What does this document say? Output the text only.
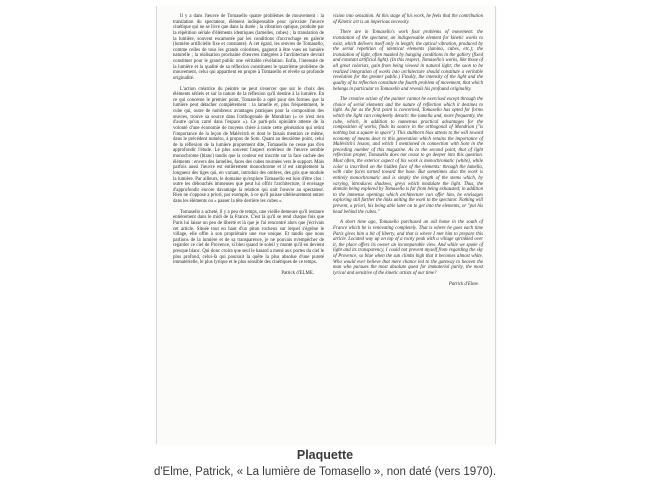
Il y a dans l'œuvre de Tomasello quatre problèmes de mouvement : la translation du spectateur, élément indispensable pour qu'existe l'œuvre cinétique qui ne se livre que dans la durée ; la vibration optique, produite par la répétition sériale d'éléments identiques (lamelles, cubes) ; la translation de la lumière, souvent escamotée par les conditions d'accrochage en galerie (lumière artificielle fixe et constante). A cet égard, les œuvres de Tomasello, comme celles de tous les grands coloristes, gagnent à être vues en lumière naturelle ; la réalisation prochaine d'œuvres intégrées à l'architecture devrait constituer pour le grand public une véritable révélation. Enfin, l'intensité de la lumière et la qualité de sa réflexion constituent le quatrième problème de mouvement, celui qui appartient en propre à Tomasello et révèle sa profonde originalité.

L'action créatrice du peintre ne peut s'exercer que sur le choix des éléments sériels et sur la nature de la réflexion qu'il destine à la lumière. En ce qui concerne le premier point, Tomasello a opté pour des formes que la lumière peut détacher complètement : la lamelle et, plus fréquemment, le cube qui, outre de nombreux avantages pratiques pour la composition des œuvres, trouve sa source dans l'orthogonale de Mondrian (« ce n'est rien d'autre qu'un carré dans l'espace »). Ce parti-pris opiniâtre atteste de la volonté d'une économie de moyens chère à toute cette génération qui retint l'importance de la leçon de Malévitch et dont le faisais mention ce même, dans le précédent numéro, à propos de Soto. Quant au deuxième point, celui de la réflexion de la lumière proprement dite, Tomasello ne cesse pas d'en approfondir l'étude. Le plus souvent l'aspect extérieur de l'œuvre semble monochrome (blanc) tandis que la couleur est inscrite sur la face cachée des éléments : envers des lamelles, faces des cubes tournées vers le support. Mais parfois aussi l'œuvre est entièrement monochrome et il est simplement la longueur des tiges qui, en variant, introduit des ombres, des gris que module la lumière. Par ailleurs, le domaine qu'explore Tomasello est loin d'être clos : outre les débouchés immenses que peut lui offrir l'architecture, il envisage d'approfondir encore davantage la relation qui unit l'œuvre au spectateur. Rien ne s'oppose a priori, par exemple, à ce qu'il puisse ultérieurement entrer dans les éléments ou « passer la tête derrière les cubes ».

Tomasello a acheté, il y a peu de temps, une vieille demeure qu'il restaure entièrement dans le midi de la France. C'est là qu'il se rend chaque fois que Paris lui laisse un peu de liberté et là que je l'ai rencontré alors que j'écrivais cet article. Située tout en haut d'un piton rocheux sur lequel s'égrène le village, elle offre à son propriétaire une vue unique. Et tandis que nous parlions de la lumière et de sa transparence, je ne pouvais m'empêcher de regarder ce ciel de Provence, si bleu quand le soleil y monte qu'il en devient presque blanc. Qui donc croira que seul le hasard a mené aux portes du ciel le plus profond, celui-là qui poursuit la quête la plus absolue d'une pureté immatérielle, le plus lyrique et le plus sensible des cinétiques de ce temps.

Patrick d'ELME.

vision into sensation. At this stage of his work, he feels that the contribution of Kinetic art is an imperious necessity.

There are in Tomasello's work four problems of movement: the translation of the spectator, an indispensable element for kinetic works to exist, which delivers itself only in length; the optical vibration, produced by the serial repetition of identical elements (lamina, cubes, etc.); the translation of light, often masked by hanging conditions in the gallery (fixed and constant artificial light). (In this respect, Tomasello's works, like those of all great colorists, gain from being viewed in natural light; the soon to be realized integration of works into architecture should constitute a veritable revelation for the greater public.) Finally, the intensity of the light and the quality of its reflection constitute the fourth problem of movement, that which belongs in particular to Tomasello and reveals his profound originality.

The creative action of the painter cannot be exercised except through the choice of serial elements and the nature of reflection which it destines to light. As far as the first point is concerned, Tomasello has opted for forms which the light can completely detach: the lamella and, more frequently, the cube, which, in addition to numerous practical advantages for the composition of works, finds its source in the orthogonal of Mondrian ("is nothing but a square in space"). This stubborn bias attests to the will toward economy of means dear to this generation which retains the importance of Malévitch's lesson, and which I mentioned in connection with Soto in the preceding number of this magazine. As to the second point, that of light reflection proper, Tomasello does not cease to go deeper into this question. Most often, the exterior aspect of his work is monochromatic (white), while color is inscribed on the hidden face of the elements: through the lamella, with cube faces turned toward the base. But sometimes also the work is entirely monochromatic and is simply the length of the stems which, by varying, introduces shadows, greys which modulate the light. Thus, the domain being explored by Tomasello is far from being exhausted; in addition to the immense openings which architecture can offer him, he envisages exploring still further the links uniting the work to the spectator. Nothing will prevent, a priori, his being able later on to get into the elements, or "put his head behind the cubes."

A short time ago, Tomasello purchased an old home in the south of France which he is renovating completely. That is where he goes each time Paris gives him a bit of liberty, and that is where I met him to prepare this article. Located way up on top of a rocky peak with a village sprinkled over it, the place offers its owner an incomparable view. And while we spoke of light and its transparency, I could not prevent myself from regarding the sky of Provence, so blue when the sun climbs high that it becomes almost white. Who would ever believe that mere chance led to the gateway to heaven the man who pursues the most absolute quest for immaterial purity, the most lyrical and sensitive of the kinetic artists of our time?

Patrick d'Elme.

Plaquette
d'Elme, Patrick, « La lumière de Tomasello », non daté (vers 1970).
